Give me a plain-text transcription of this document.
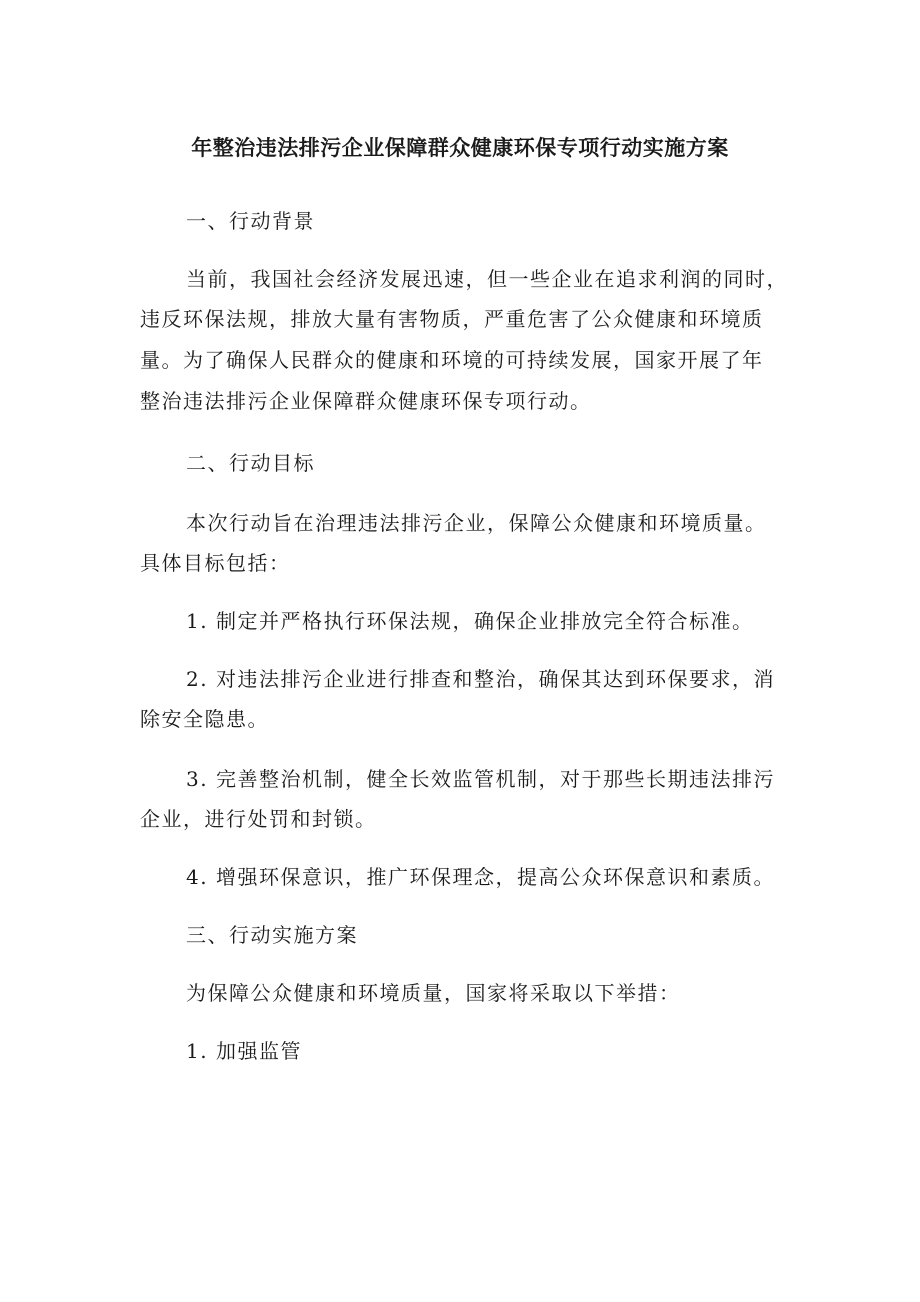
年整治违法排污企业保障群众健康环保专项行动实施方案

一、行动背景

当前，我国社会经济发展迅速，但一些企业在追求利润的同时，

违反环保法规，排放大量有害物质，严重危害了公众健康和环境质

量。为了确保人民群众的健康和环境的可持续发展，国家开展了年

整治违法排污企业保障群众健康环保专项行动。

二、行动目标

本次行动旨在治理违法排污企业，保障公众健康和环境质量。

具体目标包括：

1. 制定并严格执行环保法规，确保企业排放完全符合标准。

2. 对违法排污企业进行排查和整治，确保其达到环保要求，消

除安全隐患。

3. 完善整治机制，健全长效监管机制，对于那些长期违法排污

企业，进行处罚和封锁。

4. 增强环保意识，推广环保理念，提高公众环保意识和素质。

三、行动实施方案

为保障公众健康和环境质量，国家将采取以下举措：

1. 加强监管
